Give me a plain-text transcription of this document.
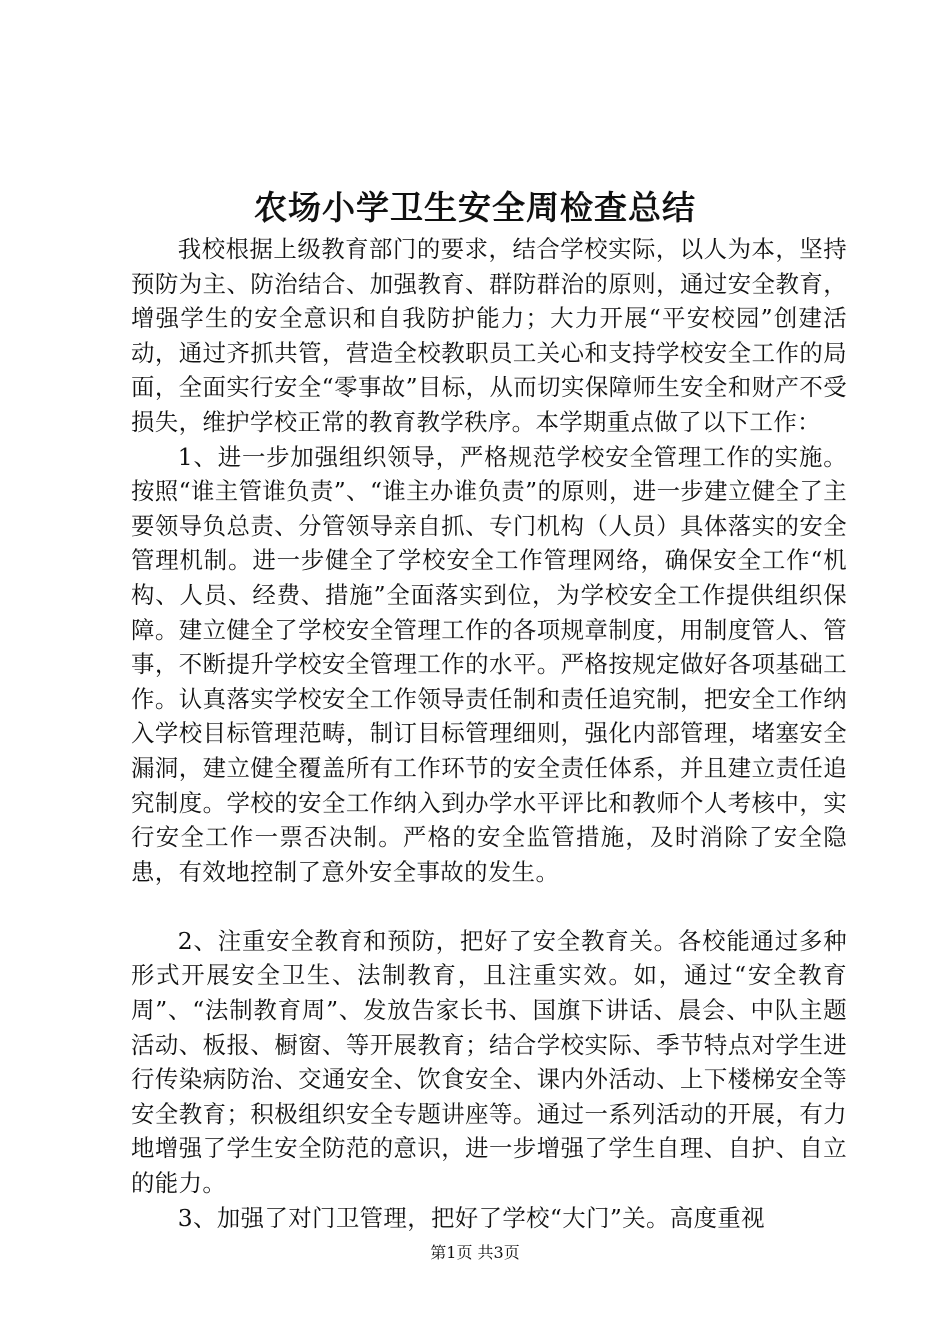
农场小学卫生安全周检查总结

我校根据上级教育部门的要求，结合学校实际，以人为本，坚持预防为主、防治结合、加强教育、群防群治的原则，通过安全教育，增强学生的安全意识和自我防护能力；大力开展“平安校园”创建活动，通过齐抓共管，营造全校教职员工关心和支持学校安全工作的局面，全面实行安全“零事故”目标，从而切实保障师生安全和财产不受损失，维护学校正常的教育教学秩序。本学期重点做了以下工作：

1、进一步加强组织领导，严格规范学校安全管理工作的实施。按照“谁主管谁负责”、“谁主办谁负责”的原则，进一步建立健全了主要领导负总责、分管领导亲自抓、专门机构（人员）具体落实的安全管理机制。进一步健全了学校安全工作管理网络，确保安全工作“机构、人员、经费、措施”全面落实到位，为学校安全工作提供组织保障。建立健全了学校安全管理工作的各项规章制度，用制度管人、管事，不断提升学校安全管理工作的水平。严格按规定做好各项基础工作。认真落实学校安全工作领导责任制和责任追究制，把安全工作纳入学校目标管理范畴，制订目标管理细则，强化内部管理，堵塞安全漏洞，建立健全覆盖所有工作环节的安全责任体系，并且建立责任追究制度。学校的安全工作纳入到办学水平评比和教师个人考核中，实行安全工作一票否决制。严格的安全监管措施，及时消除了安全隐患，有效地控制了意外安全事故的发生。

2、注重安全教育和预防，把好了安全教育关。各校能通过多种形式开展安全卫生、法制教育，且注重实效。如，通过“安全教育周”、“法制教育周”、发放告家长书、国旗下讲话、晨会、中队主题活动、板报、橱窗、等开展教育；结合学校实际、季节特点对学生进行传染病防治、交通安全、饮食安全、课内外活动、上下楼梯安全等安全教育；积极组织安全专题讲座等。通过一系列活动的开展，有力地增强了学生安全防范的意识，进一步增强了学生自理、自护、自立的能力。

3、加强了对门卫管理，把好了学校“大门”关。高度重视

第1页 共3页
